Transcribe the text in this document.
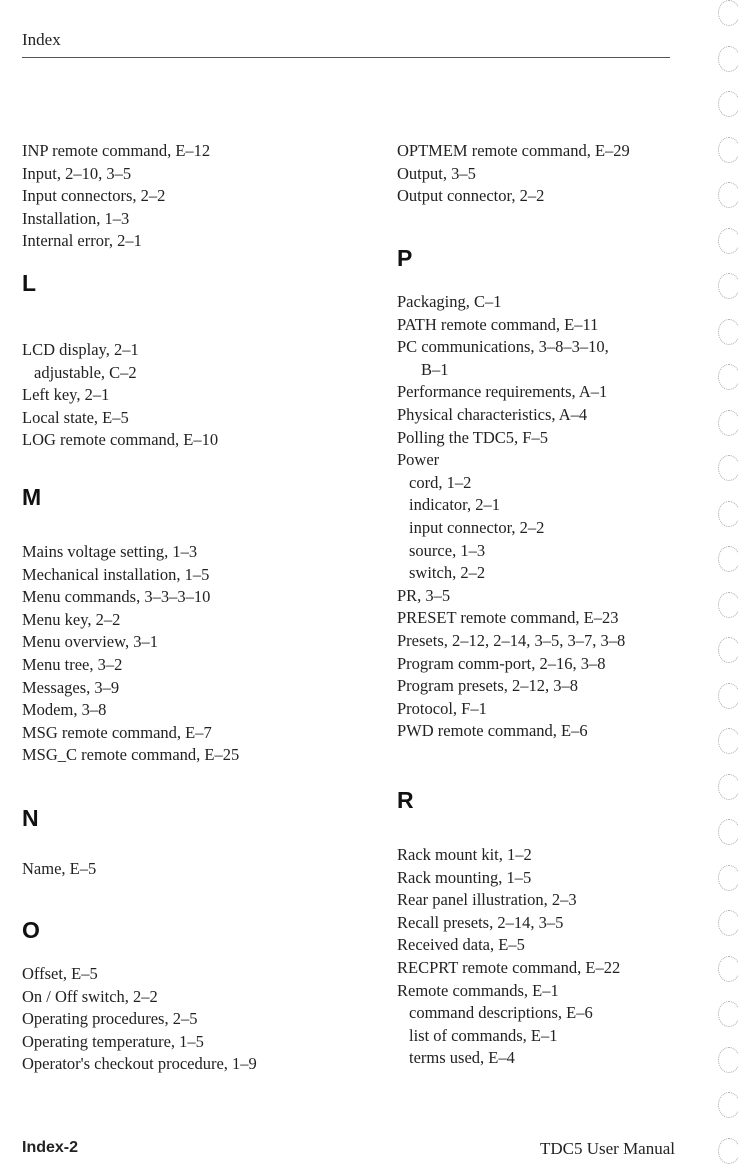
Index
INP remote command, E–12
Input, 2–10, 3–5
Input connectors, 2–2
Installation, 1–3
Internal error, 2–1
L
LCD display, 2–1
adjustable, C–2
Left key, 2–1
Local state, E–5
LOG remote command, E–10
M
Mains voltage setting, 1–3
Mechanical installation, 1–5
Menu commands, 3–3–3–10
Menu key, 2–2
Menu overview, 3–1
Menu tree, 3–2
Messages, 3–9
Modem, 3–8
MSG remote command, E–7
MSG_C remote command, E–25
N
Name, E–5
O
Offset, E–5
On / Off switch, 2–2
Operating procedures, 2–5
Operating temperature, 1–5
Operator's checkout procedure, 1–9
OPTMEM remote command, E–29
Output, 3–5
Output connector, 2–2
P
Packaging, C–1
PATH remote command, E–11
PC communications, 3–8–3–10,
B–1
Performance requirements, A–1
Physical characteristics, A–4
Polling the TDC5, F–5
Power
cord, 1–2
indicator, 2–1
input connector, 2–2
source, 1–3
switch, 2–2
PR, 3–5
PRESET remote command, E–23
Presets, 2–12, 2–14, 3–5, 3–7, 3–8
Program comm-port, 2–16, 3–8
Program presets, 2–12, 3–8
Protocol, F–1
PWD remote command, E–6
R
Rack mount kit, 1–2
Rack mounting, 1–5
Rear panel illustration, 2–3
Recall presets, 2–14, 3–5
Received data, E–5
RECPRT remote command, E–22
Remote commands, E–1
command descriptions, E–6
list of commands, E–1
terms used, E–4
Index-2	TDC5 User Manual
